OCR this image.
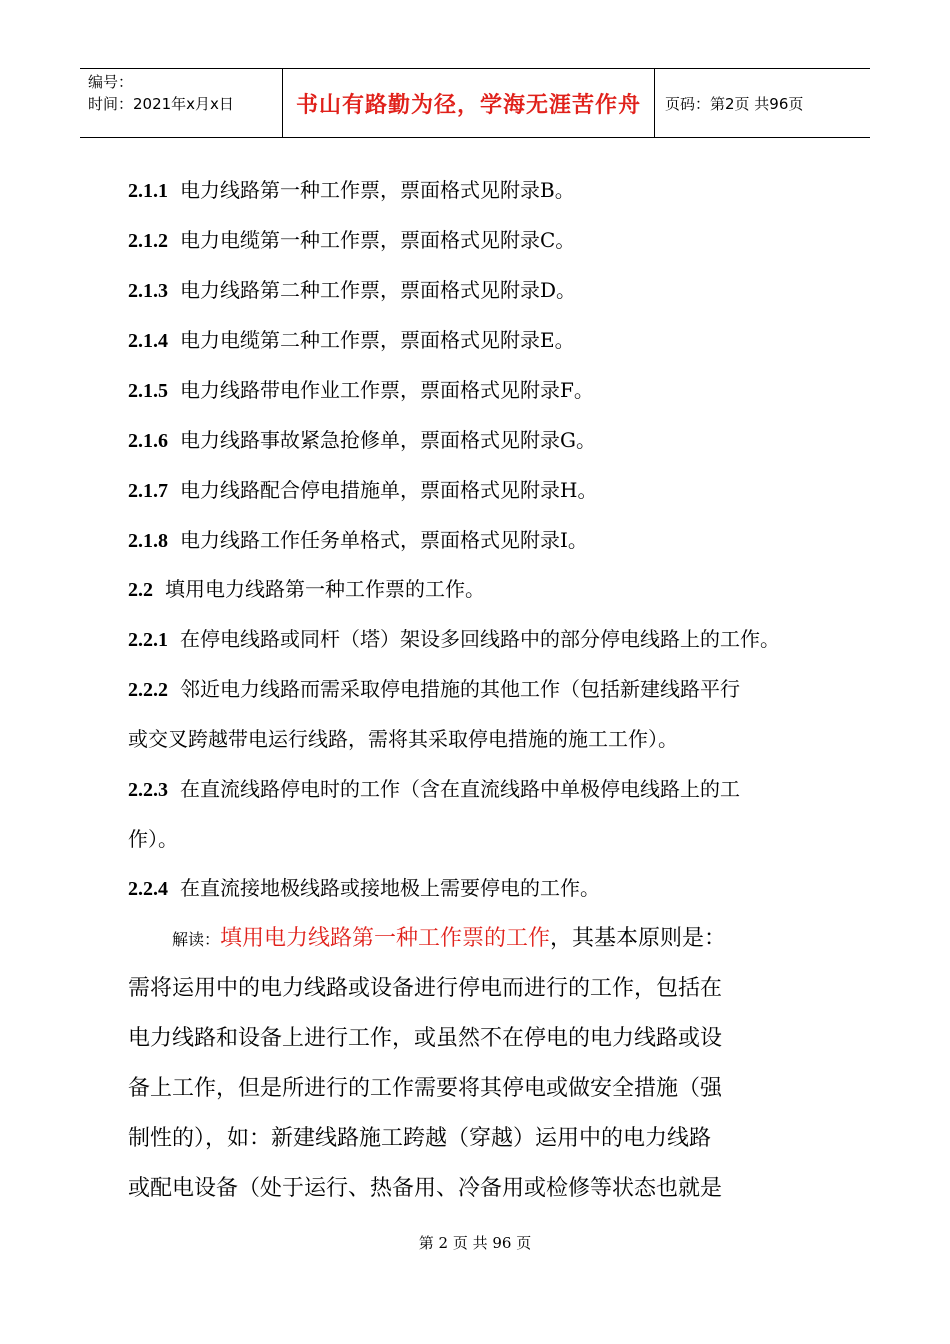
编号：
时间：2021年x月x日	书山有路勤为径，学海无涯苦作舟	页码：第2页 共96页
2.1.1 电力线路第一种工作票，票面格式见附录B。
2.1.2 电力电缆第一种工作票，票面格式见附录C。
2.1.3 电力线路第二种工作票，票面格式见附录D。
2.1.4 电力电缆第二种工作票，票面格式见附录E。
2.1.5 电力线路带电作业工作票，票面格式见附录F。
2.1.6 电力线路事故紧急抢修单，票面格式见附录G。
2.1.7 电力线路配合停电措施单，票面格式见附录H。
2.1.8 电力线路工作任务单格式，票面格式见附录I。
2.2 填用电力线路第一种工作票的工作。
2.2.1 在停电线路或同杆（塔）架设多回线路中的部分停电线路上的工作。
2.2.2 邻近电力线路而需采取停电措施的其他工作（包括新建线路平行
或交叉跨越带电运行线路，需将其采取停电措施的施工工作）。
2.2.3 在直流线路停电时的工作（含在直流线路中单极停电线路上的工
作）。
2.2.4 在直流接地极线路或接地极上需要停电的工作。
解读：填用电力线路第一种工作票的工作，其基本原则是：
需将运用中的电力线路或设备进行停电而进行的工作，包括在
电力线路和设备上进行工作，或虽然不在停电的电力线路或设
备上工作，但是所进行的工作需要将其停电或做安全措施（强
制性的），如：新建线路施工跨越（穿越）运用中的电力线路
或配电设备（处于运行、热备用、冷备用或检修等状态也就是
第 2 页 共 96 页
